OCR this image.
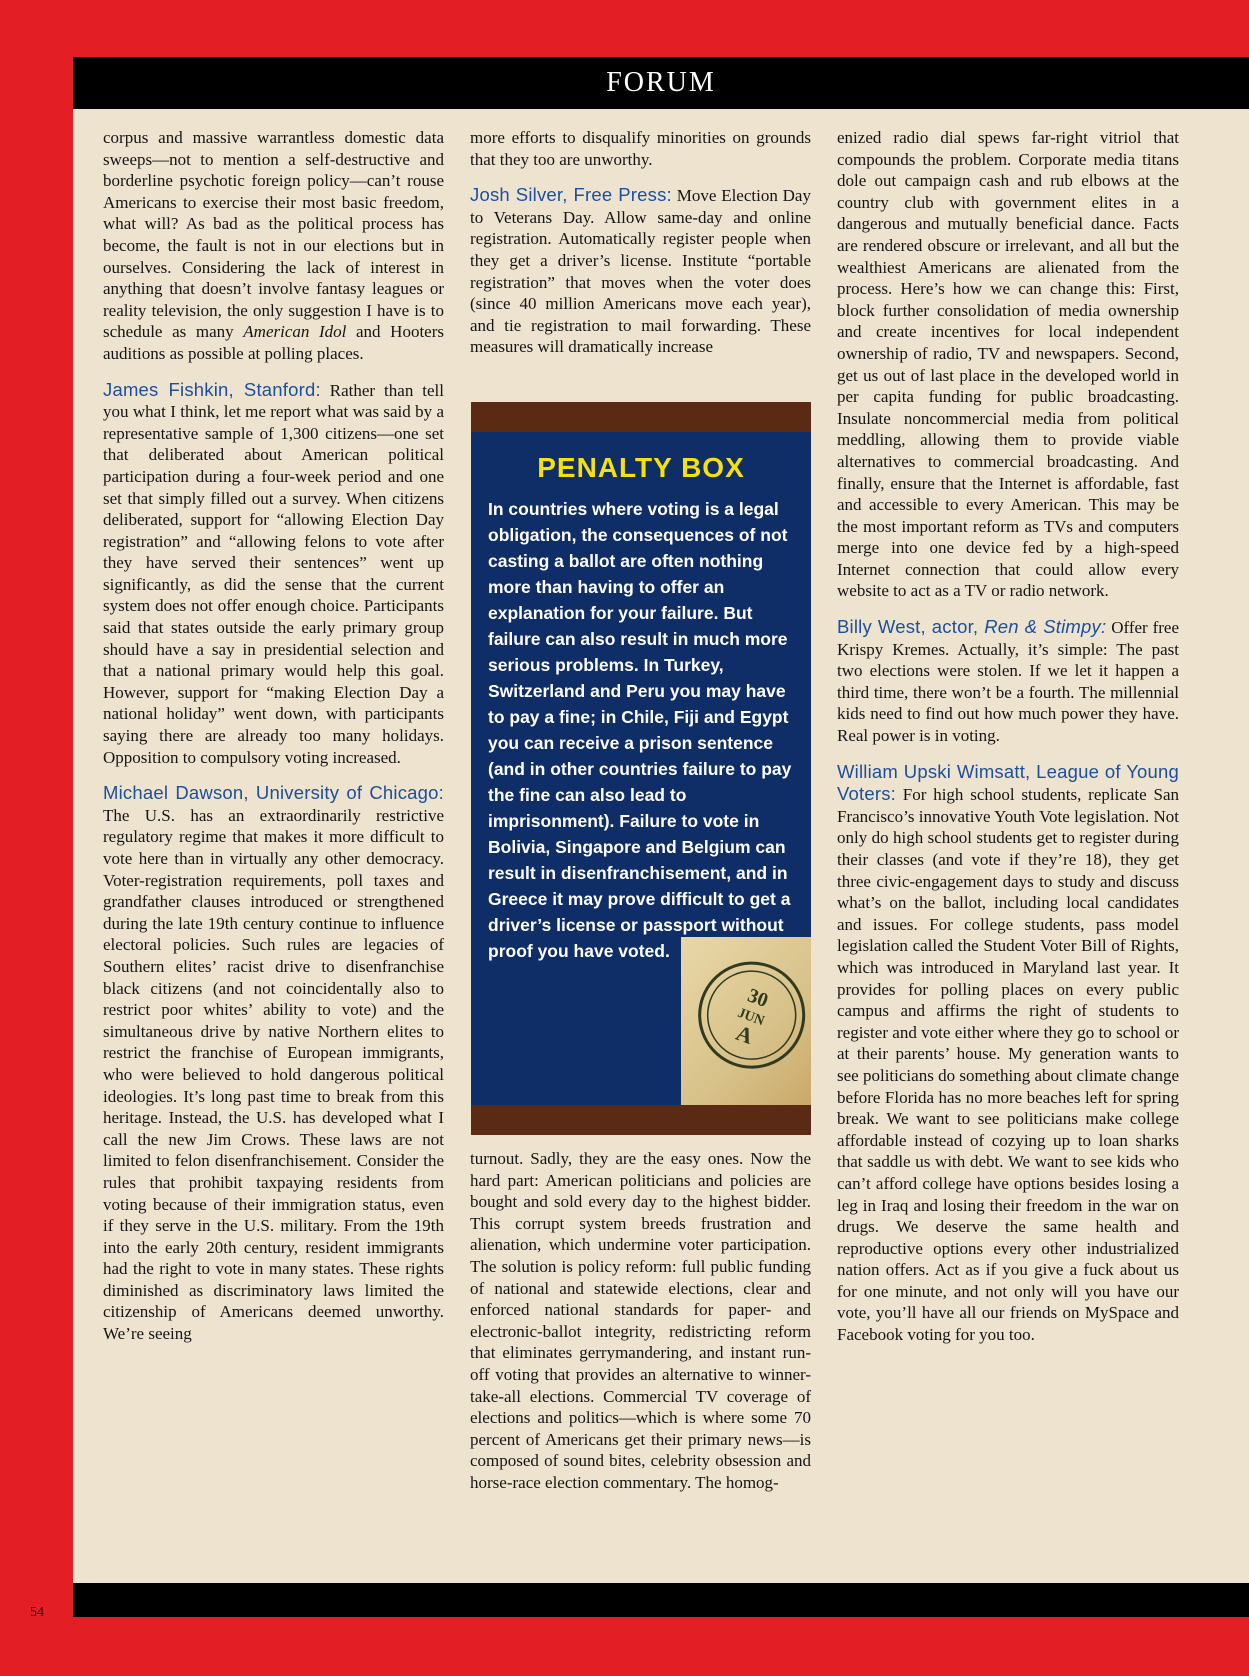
FORUM
54

corpus and massive warrantless domestic data sweeps—not to mention a self-destructive and borderline psychotic foreign policy—can’t rouse Americans to exercise their most basic freedom, what will? As bad as the political process has become, the fault is not in our elections but in ourselves. Considering the lack of interest in anything that doesn’t involve fantasy leagues or reality television, the only suggestion I have is to schedule as many American Idol and Hooters auditions as possible at polling places.

James Fishkin, Stanford: Rather than tell you what I think, let me report what was said by a representative sample of 1,300 citizens—one set that deliberated about American political participation during a four-week period and one set that simply filled out a survey. When citizens deliberated, support for “allowing Election Day registration” and “allowing felons to vote after they have served their sentences” went up significantly, as did the sense that the current system does not offer enough choice. Participants said that states outside the early primary group should have a say in presidential selection and that a national primary would help this goal. However, support for “making Election Day a national holiday” went down, with participants saying there are already too many holidays. Opposition to compulsory voting increased.

Michael Dawson, University of Chicago: The U.S. has an extraordinarily restrictive regulatory regime that makes it more difficult to vote here than in virtually any other democracy. Voter-registration requirements, poll taxes and grandfather clauses introduced or strengthened during the late 19th century continue to influence electoral policies. Such rules are legacies of Southern elites’ racist drive to disenfranchise black citizens (and not coincidentally also to restrict poor whites’ ability to vote) and the simultaneous drive by native Northern elites to restrict the franchise of European immigrants, who were believed to hold dangerous political ideologies. It’s long past time to break from this heritage. Instead, the U.S. has developed what I call the new Jim Crows. These laws are not limited to felon disenfranchisement. Consider the rules that prohibit taxpaying residents from voting because of their immigration status, even if they serve in the U.S. military. From the 19th into the early 20th century, resident immigrants had the right to vote in many states. These rights diminished as discriminatory laws limited the citizenship of Americans deemed unworthy. We’re seeing

more efforts to disqualify minorities on grounds that they too are unworthy.

Josh Silver, Free Press: Move Election Day to Veterans Day. Allow same-day and online registration. Automatically register people when they get a driver’s license. Institute “portable registration” that moves when the voter does (since 40 million Americans move each year), and tie registration to mail forwarding. These measures will dramatically increase

PENALTY BOX
In countries where voting is a legal obligation, the consequences of not casting a ballot are often nothing more than having to offer an explanation for your failure. But failure can also result in much more serious problems. In Turkey, Switzerland and Peru you may have to pay a fine; in Chile, Fiji and Egypt you can receive a prison sentence (and in other countries failure to pay the fine can also lead to imprisonment). Failure to vote in Bolivia, Singapore and Belgium can result in disenfranchisement, and in Greece it may prove difficult to get a driver’s license or passport without proof you have voted.
30
JUN
A

turnout. Sadly, they are the easy ones. Now the hard part: American politicians and policies are bought and sold every day to the highest bidder. This corrupt system breeds frustration and alienation, which undermine voter participation. The solution is policy reform: full public funding of national and statewide elections, clear and enforced national standards for paper- and electronic-ballot integrity, redistricting reform that eliminates gerrymandering, and instant run-off voting that provides an alternative to winner-take-all elections. Commercial TV coverage of elections and politics—which is where some 70 percent of Americans get their primary news—is composed of sound bites, celebrity obsession and horse-race election commentary. The homog-

enized radio dial spews far-right vitriol that compounds the problem. Corporate media titans dole out campaign cash and rub elbows at the country club with government elites in a dangerous and mutually beneficial dance. Facts are rendered obscure or irrelevant, and all but the wealthiest Americans are alienated from the process. Here’s how we can change this: First, block further consolidation of media ownership and create incentives for local independent ownership of radio, TV and newspapers. Second, get us out of last place in the developed world in per capita funding for public broadcasting. Insulate noncommercial media from political meddling, allowing them to provide viable alternatives to commercial broadcasting. And finally, ensure that the Internet is affordable, fast and accessible to every American. This may be the most important reform as TVs and computers merge into one device fed by a high-speed Internet connection that could allow every website to act as a TV or radio network.

Billy West, actor, Ren & Stimpy: Offer free Krispy Kremes. Actually, it’s simple: The past two elections were stolen. If we let it happen a third time, there won’t be a fourth. The millennial kids need to find out how much power they have. Real power is in voting.

William Upski Wimsatt, League of Young Voters: For high school students, replicate San Francisco’s innovative Youth Vote legislation. Not only do high school students get to register during their classes (and vote if they’re 18), they get three civic-engagement days to study and discuss what’s on the ballot, including local candidates and issues. For college students, pass model legislation called the Student Voter Bill of Rights, which was introduced in Maryland last year. It provides for polling places on every public campus and affirms the right of students to register and vote either where they go to school or at their parents’ house. My generation wants to see politicians do something about climate change before Florida has no more beaches left for spring break. We want to see politicians make college affordable instead of cozying up to loan sharks that saddle us with debt. We want to see kids who can’t afford college have options besides losing a leg in Iraq and losing their freedom in the war on drugs. We deserve the same health and reproductive options every other industrialized nation offers. Act as if you give a fuck about us for one minute, and not only will you have our vote, you’ll have all our friends on MySpace and Facebook voting for you too.
